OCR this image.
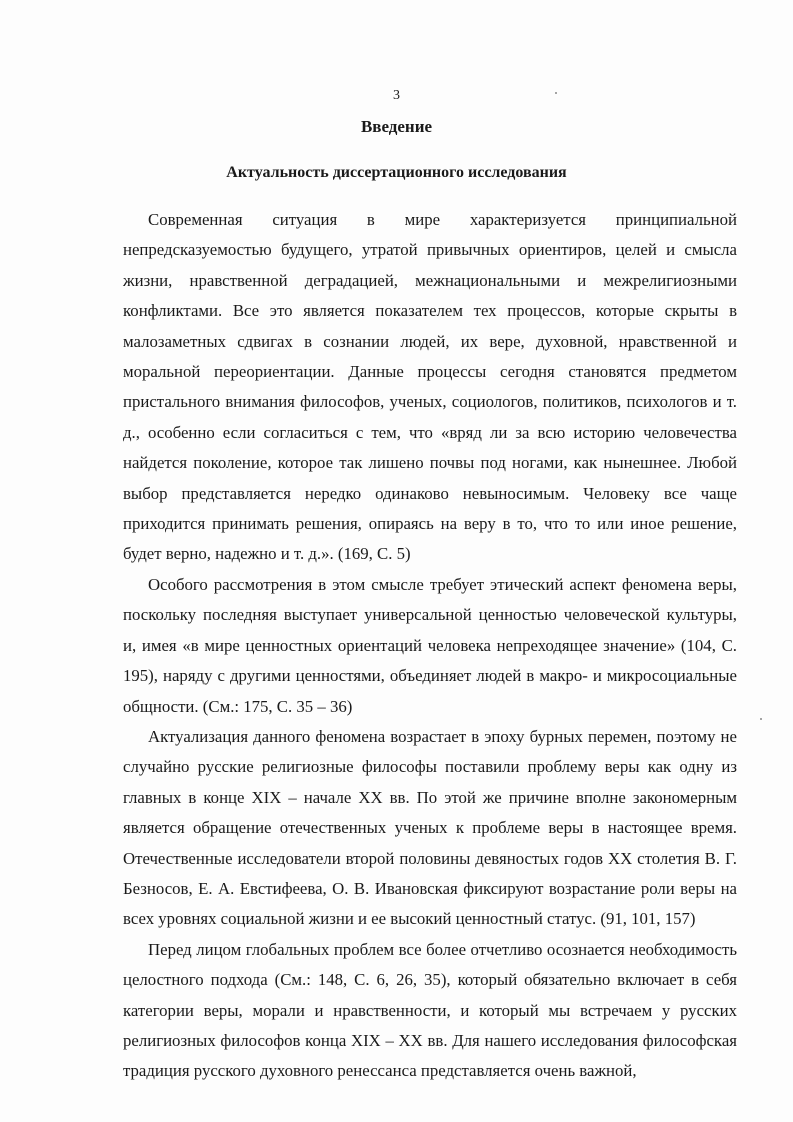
3
Введение
Актуальность диссертационного исследования

Современная ситуация в мире характеризуется принципиальной непредсказуемостью будущего, утратой привычных ориентиров, целей и смысла жизни, нравственной деградацией, межнациональными и межрелигиозными конфликтами. Все это является показателем тех процессов, которые скрыты в малозаметных сдвигах в сознании людей, их вере, духовной, нравственной и моральной переориентации. Данные процессы сегодня становятся предметом пристального внимания философов, ученых, социологов, политиков, психологов и т. д., особенно если согласиться с тем, что «вряд ли за всю историю человечества найдется поколение, которое так лишено почвы под ногами, как нынешнее. Любой выбор представляется нередко одинаково невыносимым. Человеку все чаще приходится принимать решения, опираясь на веру в то, что то или иное решение, будет верно, надежно и т. д.». (169, С. 5)

Особого рассмотрения в этом смысле требует этический аспект феномена веры, поскольку последняя выступает универсальной ценностью человеческой культуры, и, имея «в мире ценностных ориентаций человека непреходящее значение» (104, С. 195), наряду с другими ценностями, объединяет людей в макро- и микросоциальные общности. (См.: 175, С. 35 – 36)

Актуализация данного феномена возрастает в эпоху бурных перемен, поэтому не случайно русские религиозные философы поставили проблему веры как одну из главных в конце XIX – начале XX вв. По этой же причине вполне закономерным является обращение отечественных ученых к проблеме веры в настоящее время. Отечественные исследователи второй половины девяностых годов XX столетия В. Г. Безносов, Е. А. Евстифеева, О. В. Ивановская фиксируют возрастание роли веры на всех уровнях социальной жизни и ее высокий ценностный статус. (91, 101, 157)

Перед лицом глобальных проблем все более отчетливо осознается необходимость целостного подхода (См.: 148, С. 6, 26, 35), который обязательно включает в себя категории веры, морали и нравственности, и который мы встречаем у русских религиозных философов конца XIX – XX вв. Для нашего исследования философская традиция русского духовного ренессанса представляется очень важной,
